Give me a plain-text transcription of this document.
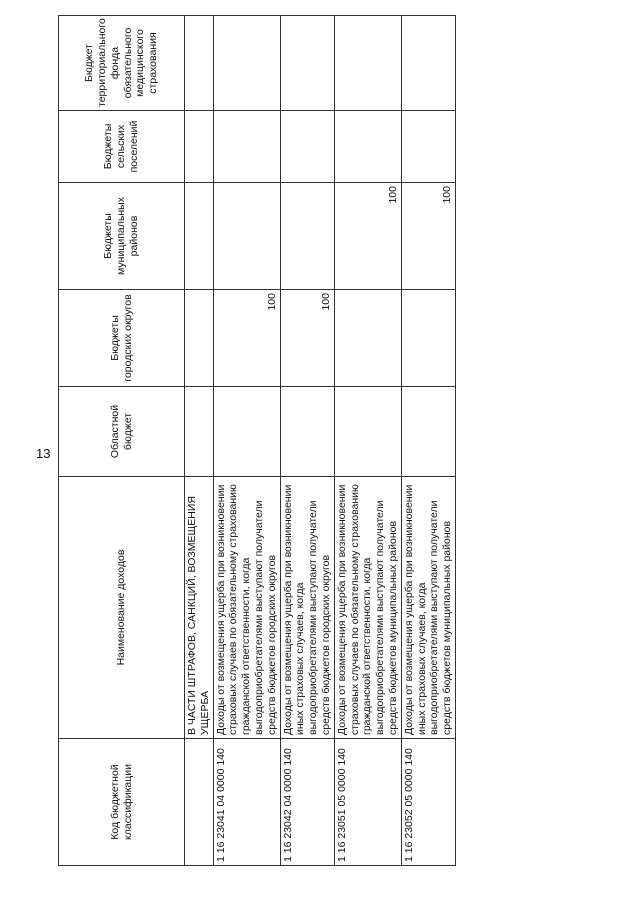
13
Код бюджетной классификации	Наименование доходов	Областной бюджет	Бюджеты городских округов	Бюджеты муниципальных районов	Бюджеты сельских поселений	Бюджет территориального фонда обязательного медицинского страхования
	В ЧАСТИ ШТРАФОВ, САНКЦИЙ, ВОЗМЕЩЕНИЯ УЩЕРБА					
1 16 23041 04 0000 140	Доходы от возмещения ущерба при возникновении страховых случаев по обязательному страхованию гражданской ответственности, когда выгодоприобретателями выступают получатели средств бюджетов городских округов		100			
1 16 23042 04 0000 140	Доходы от возмещения ущерба при возникновении иных страховых случаев, когда выгодоприобретателями выступают получатели средств бюджетов городских округов		100			
1 16 23051 05 0000 140	Доходы от возмещения ущерба при возникновении страховых случаев по обязательному страхованию гражданской ответственности, когда выгодоприобретателями выступают получатели средств бюджетов муниципальных районов			100		
1 16 23052 05 0000 140	Доходы от возмещения ущерба при возникновении иных страховых случаев, когда выгодоприобретателями выступают получатели средств бюджетов муниципальных районов			100		
